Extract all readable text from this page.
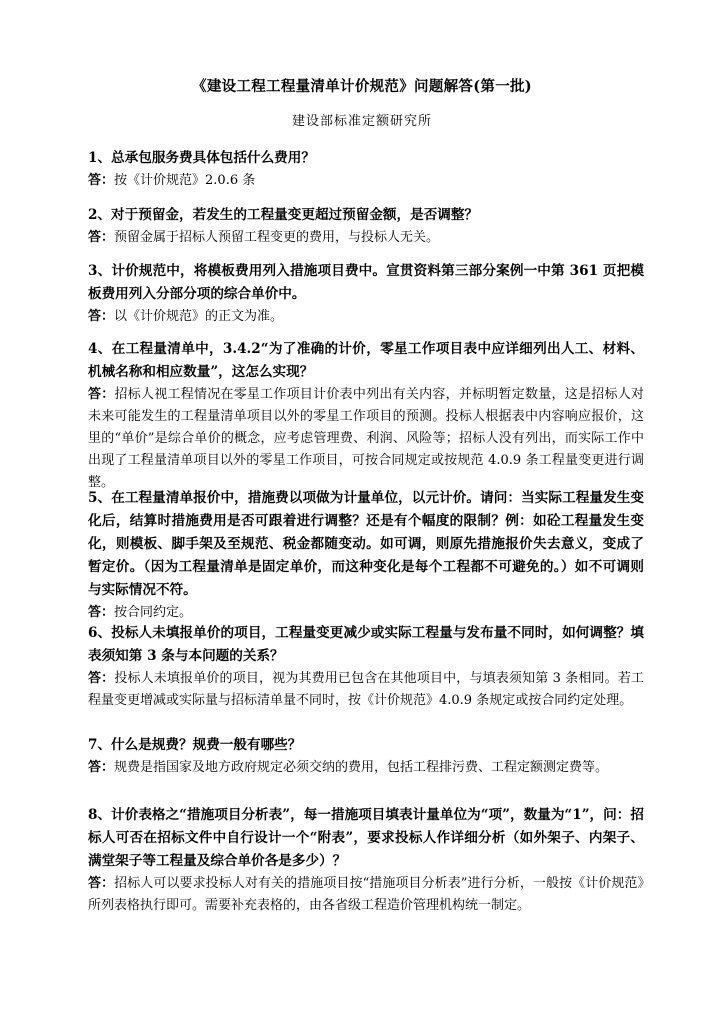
《建设工程工程量清单计价规范》问题解答(第一批)
建设部标准定额研究所
1、总承包服务费具体包括什么费用？
答：按《计价规范》2.0.6 条
2、对于预留金，若发生的工程量变更超过预留金额，是否调整？
答：预留金属于招标人预留工程变更的费用，与投标人无关。
3、计价规范中，将模板费用列入措施项目费中。宣贯资料第三部分案例一中第 361 页把模板费用列入分部分项的综合单价中。
答：以《计价规范》的正文为准。
4、在工程量清单中，3.4.2“为了准确的计价，零星工作项目表中应详细列出人工、材料、机械名称和相应数量”，这怎么实现？
答：招标人视工程情况在零星工作项目计价表中列出有关内容，并标明暂定数量，这是招标人对未来可能发生的工程量清单项目以外的零星工作项目的预测。投标人根据表中内容响应报价，这里的“单价”是综合单价的概念，应考虑管理费、利润、风险等；招标人没有列出，而实际工作中出现了工程量清单项目以外的零星工作项目，可按合同规定或按规范 4.0.9 条工程量变更进行调整。
5、在工程量清单报价中，措施费以项做为计量单位，以元计价。请问：当实际工程量发生变化后，结算时措施费用是否可跟着进行调整？还是有个幅度的限制？例：如砼工程量发生变化，则模板、脚手架及至规范、税金都随变动。如可调，则原先措施报价失去意义，变成了暂定价。（因为工程量清单是固定单价，而这种变化是每个工程都不可避免的。）如不可调则与实际情况不符。
答：按合同约定。
6、投标人未填报单价的项目，工程量变更减少或实际工程量与发布量不同时，如何调整？填表须知第 3 条与本问题的关系？
答：投标人未填报单价的项目，视为其费用已包含在其他项目中，与填表须知第 3 条相同。若工程量变更增减或实际量与招标清单量不同时，按《计价规范》4.0.9 条规定或按合同约定处理。
7、什么是规费？规费一般有哪些？
答：规费是指国家及地方政府规定必须交纳的费用，包括工程排污费、工程定额测定费等。
8、计价表格之“措施项目分析表”，每一措施项目填表计量单位为“项”，数量为“1”，问：招标人可否在招标文件中自行设计一个“附表”，要求投标人作详细分析（如外架子、内架子、满堂架子等工程量及综合单价各是多少）？
答：招标人可以要求投标人对有关的措施项目按“措施项目分析表”进行分析，一般按《计价规范》所列表格执行即可。需要补充表格的，由各省级工程造价管理机构统一制定。
